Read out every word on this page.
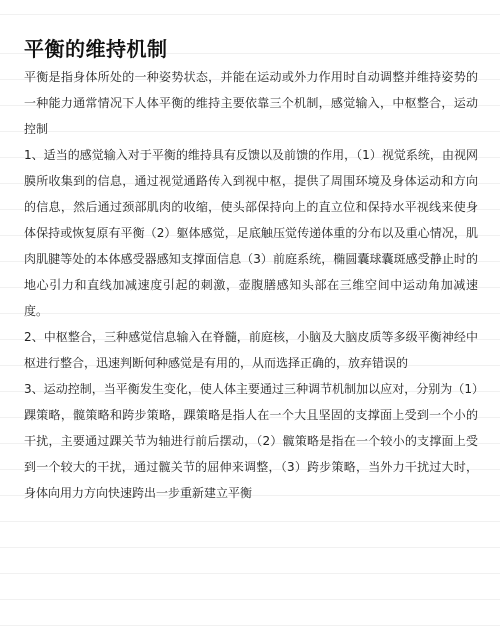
平衡的维持机制

平衡是指身体所处的一种姿势状态，并能在运动或外力作用时自动调整并维持姿势的一种能力通常情况下人体平衡的维持主要依靠三个机制，感觉输入，中枢整合，运动控制

1、适当的感觉输入对于平衡的维持具有反馈以及前馈的作用，（1）视觉系统，由视网膜所收集到的信息，通过视觉通路传入到视中枢，提供了周围环境及身体运动和方向的信息，然后通过颈部肌肉的收缩，使头部保持向上的直立位和保持水平视线来使身体保持或恢复原有平衡（2）躯体感觉，足底触压觉传递体重的分布以及重心情况，肌肉肌腱等处的本体感受器感知支撑面信息（3）前庭系统，椭圆囊球囊斑感受静止时的地心引力和直线加减速度引起的刺激，壶腹膳感知头部在三维空间中运动角加减速度。

2、中枢整合，三种感觉信息输入在脊髓，前庭核，小脑及大脑皮质等多级平衡神经中枢进行整合，迅速判断何种感觉是有用的，从而选择正确的，放弃错误的

3、运动控制，当平衡发生变化，使人体主要通过三种调节机制加以应对，分别为（1）踝策略，髋策略和跨步策略，踝策略是指人在一个大且坚固的支撑面上受到一个小的干扰，主要通过踝关节为轴进行前后摆动，（2）髋策略是指在一个较小的支撑面上受到一个较大的干扰，通过髋关节的屈伸来调整，（3）跨步策略，当外力干扰过大时，身体向用力方向快速跨出一步重新建立平衡
